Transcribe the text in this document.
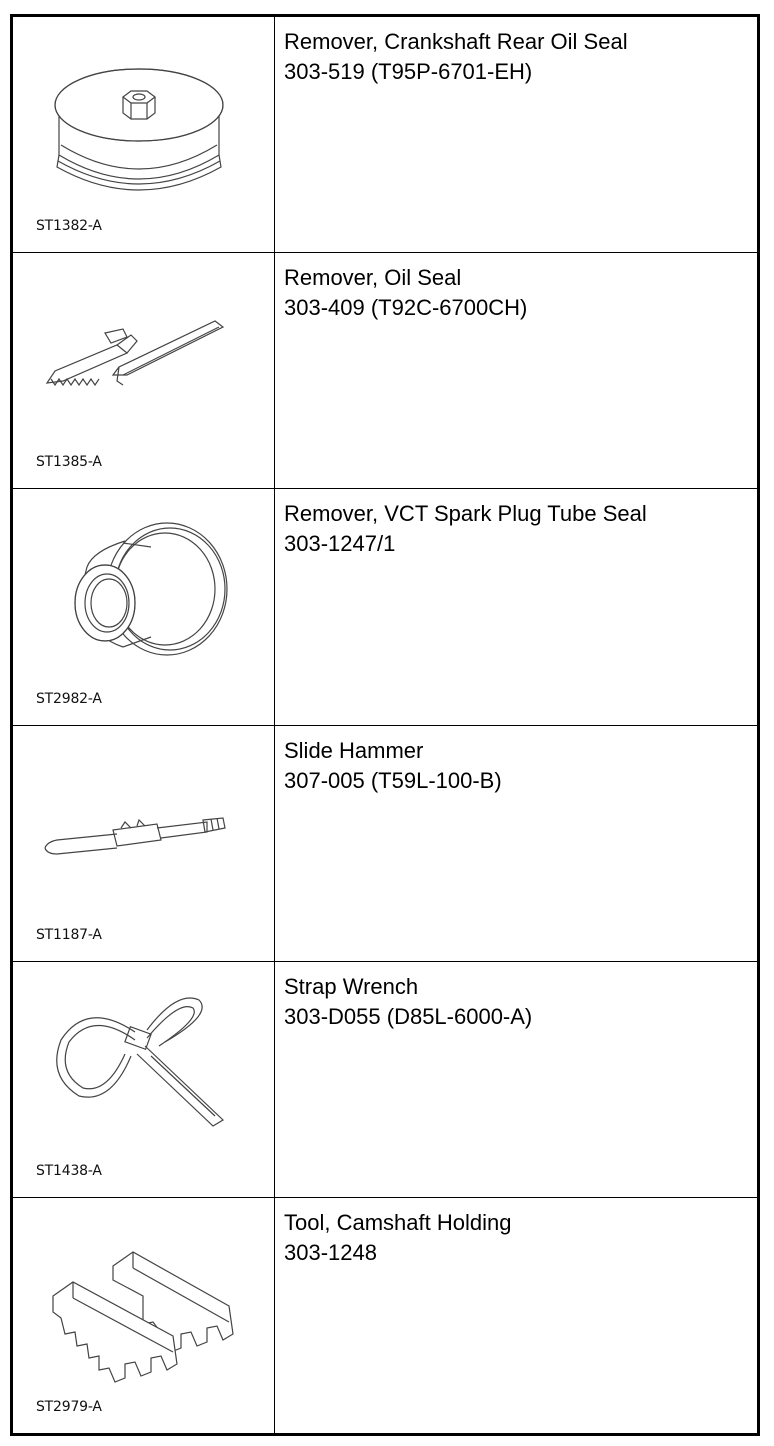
ST1382-A
Remover, Crankshaft Rear Oil Seal
303-519 (T95P-6701-EH)
ST1385-A
Remover, Oil Seal
303-409 (T92C-6700CH)
ST2982-A
Remover, VCT Spark Plug Tube Seal
303-1247/1
ST1187-A
Slide Hammer
307-005 (T59L-100-B)
ST1438-A
Strap Wrench
303-D055 (D85L-6000-A)
ST2979-A
Tool, Camshaft Holding
303-1248
